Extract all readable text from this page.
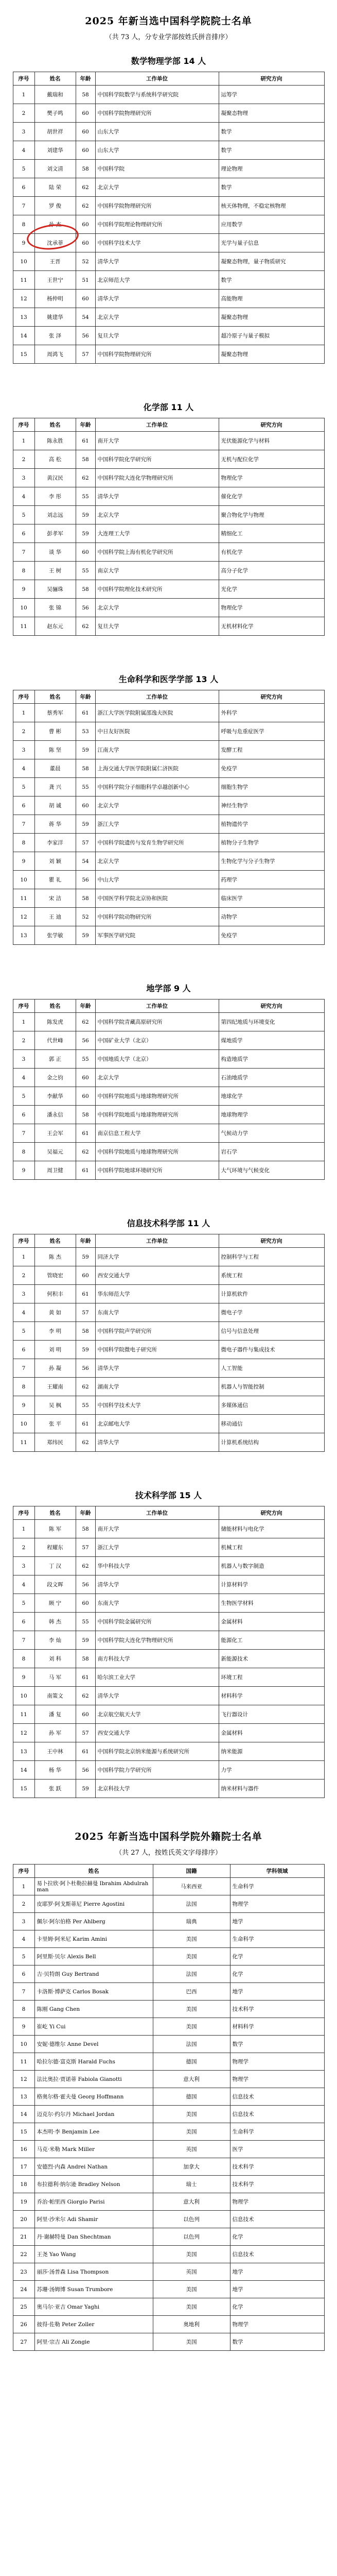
2025 年新当选中国科学院院士名单
（共 73 人，分专业学部按姓氏拼音排序）
数学物理学部 14 人
序号	姓名	年龄	工作单位	研究方向
1	戴瑞和	58	中国科学院数学与系统科学研究院	运筹学
2	樊子鸣	60	中国科学院物理研究所	凝聚态物理
3	胡世祥	60	山东大学	数学
4	刘建华	60	山东大学	数学
5	刘文清	58	中国科学院	理论物理
6	陆 荣	62	北京大学	数学
7	罗 俊	62	中国科学院物理研究所	核天体物理，不稳定核物理
8	孙 杰	60	中国科学院理论物理研究所	应用数学
9	沈承菲	60	中国科学技术大学	光学与量子信息
10	王晋	52	清华大学	凝聚态物理，量子物质研究
11	王世宁	51	北京师范大学	数学
12	杨仲明	60	清华大学	高能物理
13	姚建华	54	北京大学	凝聚态物理
14	张 泽	56	复旦大学	超冷原子与量子模拟
15	周鸿飞	57	中国科学院物理研究所	凝聚态物理
化学部 11 人
序号	姓名	年龄	工作单位	研究方向
1	陈永胜	61	南开大学	光伏能源化学与材料
2	高 松	58	中国科学院化学研究所	无机与配位化学
3	黄汉民	62	中国科学院大连化学物理研究所	物理化学
4	李 彤	55	清华大学	催化化学
5	刘志远	59	北京大学	聚合物化学与物理
6	彭孝军	59	大连理工大学	精细化工
7	谈 华	60	中国科学院上海有机化学研究所	有机化学
8	王 树	55	南京大学	高分子化学
9	吴骊珠	58	中国科学院理化技术研究所	光化学
10	张 锦	56	北京大学	物理化学
11	赵东元	62	复旦大学	无机材料化学
生命科学和医学学部 13 人
序号	姓名	年龄	工作单位	研究方向
1	蔡秀军	61	浙江大学医学院附属邵逸夫医院	外科学
2	曹 彬	53	中日友好医院	呼吸与危重症医学
3	陈 坚	59	江南大学	发酵工程
4	董晨	58	上海交通大学医学院附属仁济医院	免疫学
5	龚 兴	55	中国科学院分子细胞科学卓越创新中心	细胞生物学
6	胡 诚	60	北京大学	神经生物学
7	蒋 华	59	浙江大学	植物遗传学
8	李家洋	57	中国科学院遗传与发育生物学研究所	植物分子生物学
9	刘 颖	54	北京大学	生物化学与分子生物学
10	瞿 礼	56	中山大学	药理学
11	宋 洁	58	中国医学科学院北京协和医院	临床医学
12	王 迪	52	中国科学院动物研究所	动物学
13	张学敏	59	军事医学研究院	免疫学
地学部 9 人
序号	姓名	年龄	工作单位	研究方向
1	陈发虎	62	中国科学院青藏高原研究所	第四纪地质与环境变化
2	代世峰	56	中国矿业大学（北京）	煤地质学
3	郭 正	55	中国地质大学（北京）	构造地质学
4	金之钧	60	北京大学	石油地质学
5	李献华	60	中国科学院地质与地球物理研究所	地球化学
6	潘永信	58	中国科学院地质与地球物理研究所	地球物理学
7	王会军	61	南京信息工程大学	气候动力学
8	吴福元	62	中国科学院地质与地球物理研究所	岩石学
9	周卫健	61	中国科学院地球环境研究所	大气环境与气候变化
信息技术科学部 11 人
序号	姓名	年龄	工作单位	研究方向
1	陈 杰	59	同济大学	控制科学与工程
2	管晓宏	60	西安交通大学	系统工程
3	何积丰	61	华东师范大学	计算机软件
4	黄 如	57	东南大学	微电子学
5	李 明	58	中国科学院声学研究所	信号与信息处理
6	刘 明	59	中国科学院微电子研究所	微电子器件与集成技术
7	孙 凝	56	清华大学	人工智能
8	王耀南	62	湖南大学	机器人与智能控制
9	吴 枫	55	中国科学技术大学	多媒体通信
10	张 平	61	北京邮电大学	移动通信
11	郑纬民	62	清华大学	计算机系统结构
技术科学部 15 人
序号	姓名	年龄	工作单位	研究方向
1	陈 军	58	南开大学	储能材料与电化学
2	程耀东	57	浙江大学	机械工程
3	丁 汉	62	华中科技大学	机器人与数字制造
4	段文晖	56	清华大学	计算材料学
5	顾 宁	60	东南大学	生物医学材料
6	韩 杰	55	中国科学院金属研究所	金属材料
7	李 灿	59	中国科学院大连化学物理研究所	能源化工
8	刘 科	58	南方科技大学	新能源技术
9	马 军	61	哈尔滨工业大学	环境工程
10	南策文	62	清华大学	材料科学
11	潘 复	60	北京航空航天大学	飞行器设计
12	孙 军	57	西安交通大学	金属材料
13	王中林	61	中国科学院北京纳米能源与系统研究所	纳米能源
14	杨 华	56	中国科学院力学研究所	力学
15	张 跃	59	北京科技大学	纳米材料与器件
2025 年新当选中国科学院外籍院士名单
（共 27 人，按姓氏英文字母排序）
序号	姓名	国籍	学科领域
1	易卜拉欣·阿卜杜勒拉赫曼 Ibrahim Abdulrahman	马来西亚	生命科学
2	皮耶罗·阿戈斯蒂尼 Pierre Agostini	法国	物理学
3	佩尔·阿尔伯格 Per Ahlberg	瑞典	地学
4	卡里姆·阿米尼 Karim Amini	美国	生命科学
5	阿里斯·贝尔 Alexis Bell	美国	化学
6	吉·贝特朗 Guy Bertrand	法国	化学
7	卡洛斯·博萨克 Carlos Bosak	巴西	地学
8	陈刚 Gang Chen	美国	技术科学
9	崔屹 Yi Cui	美国	材料科学
10	安妮·德维尔 Anne Devel	法国	数学
11	哈拉尔德·富克斯 Harald Fuchs	德国	物理学
12	法比奥拉·贾诺蒂 Fabiola Gianotti	意大利	物理学
13	格奥尔格·霍夫曼 Georg Hoffmann	德国	信息技术
14	迈克尔·约尔丹 Michael Jordan	美国	信息技术
15	本杰明·李 Benjamin Lee	美国	生命科学
16	马克·米勒 Mark Miller	英国	医学
17	安德烈·内森 Andrei Nathan	加拿大	技术科学
18	布拉德利·纳尔逊 Bradley Nelson	瑞士	技术科学
19	乔治·帕里西 Giorgio Parisi	意大利	物理学
20	阿里·沙米尔 Adi Shamir	以色列	信息技术
21	丹·谢赫特曼 Dan Shechtman	以色列	化学
22	王尧 Yao Wang	美国	信息技术
23	丽莎·汤普森 Lisa Thompson	英国	地学
24	苏珊·汤姆博 Susan Trumbore	美国	地学
25	奥马尔·亚吉 Omar Yaghi	美国	化学
26	彼得·佐勒 Peter Zoller	奥地利	物理学
27	阿里·宗吉 Ali Zongie	美国	数学
